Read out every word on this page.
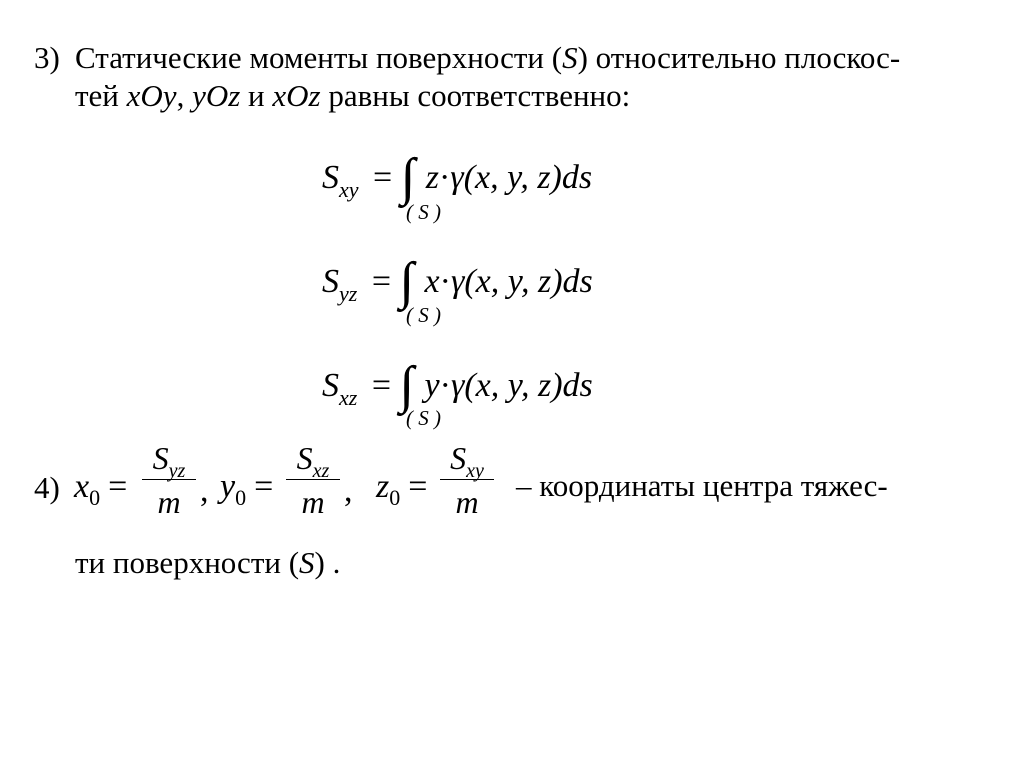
3) Статические моменты поверхности (S) относительно плоскос-
тей xOy, yOz и xOz равны соответственно:
$S_{xy}$ = ∫∫ z·γ(x, y, z)ds
( S )
$S_{yz}$ = ∫∫ x·γ(x, y, z)ds
( S )
$S_{xz}$ = ∫∫ y·γ(x, y, z)ds
( S )
4) $x_0$ =
$S_{yz}$
m , $y_0$ =
$S_{xz}$
m , $z_0$ =
$S_{xy}$
m	– координаты центра тяжес-
ти поверхности (S) .
